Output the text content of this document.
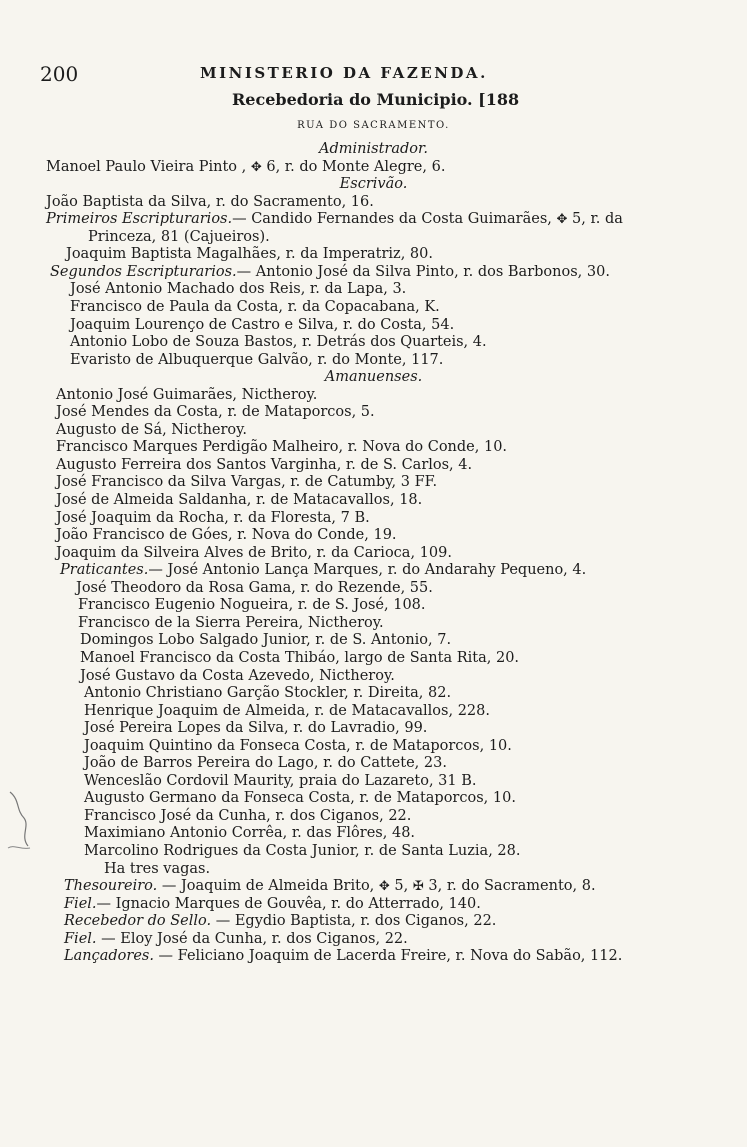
200	MINISTERIO DA FAZENDA.
Recebedoria do Municipio. [188
RUA DO SACRAMENTO.
Administrador.
Manoel Paulo Vieira Pinto , ✥ 6, r. do Monte Alegre, 6.
Escrivão.
João Baptista da Silva, r. do Sacramento, 16.
Primeiros Escripturarios.— Candido Fernandes da Costa Guimarães, ✥ 5, r. da
Princeza, 81 (Cajueiros).
Joaquim Baptista Magalhães, r. da Imperatriz, 80.
Segundos Escripturarios.— Antonio José da Silva Pinto, r. dos Barbonos, 30.
José Antonio Machado dos Reis, r. da Lapa, 3.
Francisco de Paula da Costa, r. da Copacabana, K.
Joaquim Lourenço de Castro e Silva, r. do Costa, 54.
Antonio Lobo de Souza Bastos, r. Detrás dos Quarteis, 4.
Evaristo de Albuquerque Galvão, r. do Monte, 117.
Amanuenses.
Antonio José Guimarães, Nictheroy.
José Mendes da Costa, r. de Mataporcos, 5.
Augusto de Sá, Nictheroy.
Francisco Marques Perdigão Malheiro, r. Nova do Conde, 10.
Augusto Ferreira dos Santos Varginha, r. de S. Carlos, 4.
José Francisco da Silva Vargas, r. de Catumby, 3 FF.
José de Almeida Saldanha, r. de Matacavallos, 18.
José Joaquim da Rocha, r. da Floresta, 7 B.
João Francisco de Góes, r. Nova do Conde, 19.
Joaquim da Silveira Alves de Brito, r. da Carioca, 109.
Praticantes.— José Antonio Lança Marques, r. do Andarahy Pequeno, 4.
José Theodoro da Rosa Gama, r. do Rezende, 55.
Francisco Eugenio Nogueira, r. de S. José, 108.
Francisco de la Sierra Pereira, Nictheroy.
Domingos Lobo Salgado Junior, r. de S. Antonio, 7.
Manoel Francisco da Costa Thibáo, largo de Santa Rita, 20.
José Gustavo da Costa Azevedo, Nictheroy.
Antonio Christiano Garção Stockler, r. Direita, 82.
Henrique Joaquim de Almeida, r. de Matacavallos, 228.
José Pereira Lopes da Silva, r. do Lavradio, 99.
Joaquim Quintino da Fonseca Costa, r. de Mataporcos, 10.
João de Barros Pereira do Lago, r. do Cattete, 23.
Wenceslão Cordovil Maurity, praia do Lazareto, 31 B.
Augusto Germano da Fonseca Costa, r. de Mataporcos, 10.
Francisco José da Cunha, r. dos Ciganos, 22.
Maximiano Antonio Corrêa, r. das Flôres, 48.
Marcolino Rodrigues da Costa Junior, r. de Santa Luzia, 28.
Ha tres vagas.
Thesoureiro. — Joaquim de Almeida Brito, ✥ 5, ✠ 3, r. do Sacramento, 8.
Fiel.— Ignacio Marques de Gouvêa, r. do Atterrado, 140.
Recebedor do Sello. — Egydio Baptista, r. dos Ciganos, 22.
Fiel. — Eloy José da Cunha, r. dos Ciganos, 22.
Lançadores. — Feliciano Joaquim de Lacerda Freire, r. Nova do Sabão, 112.
